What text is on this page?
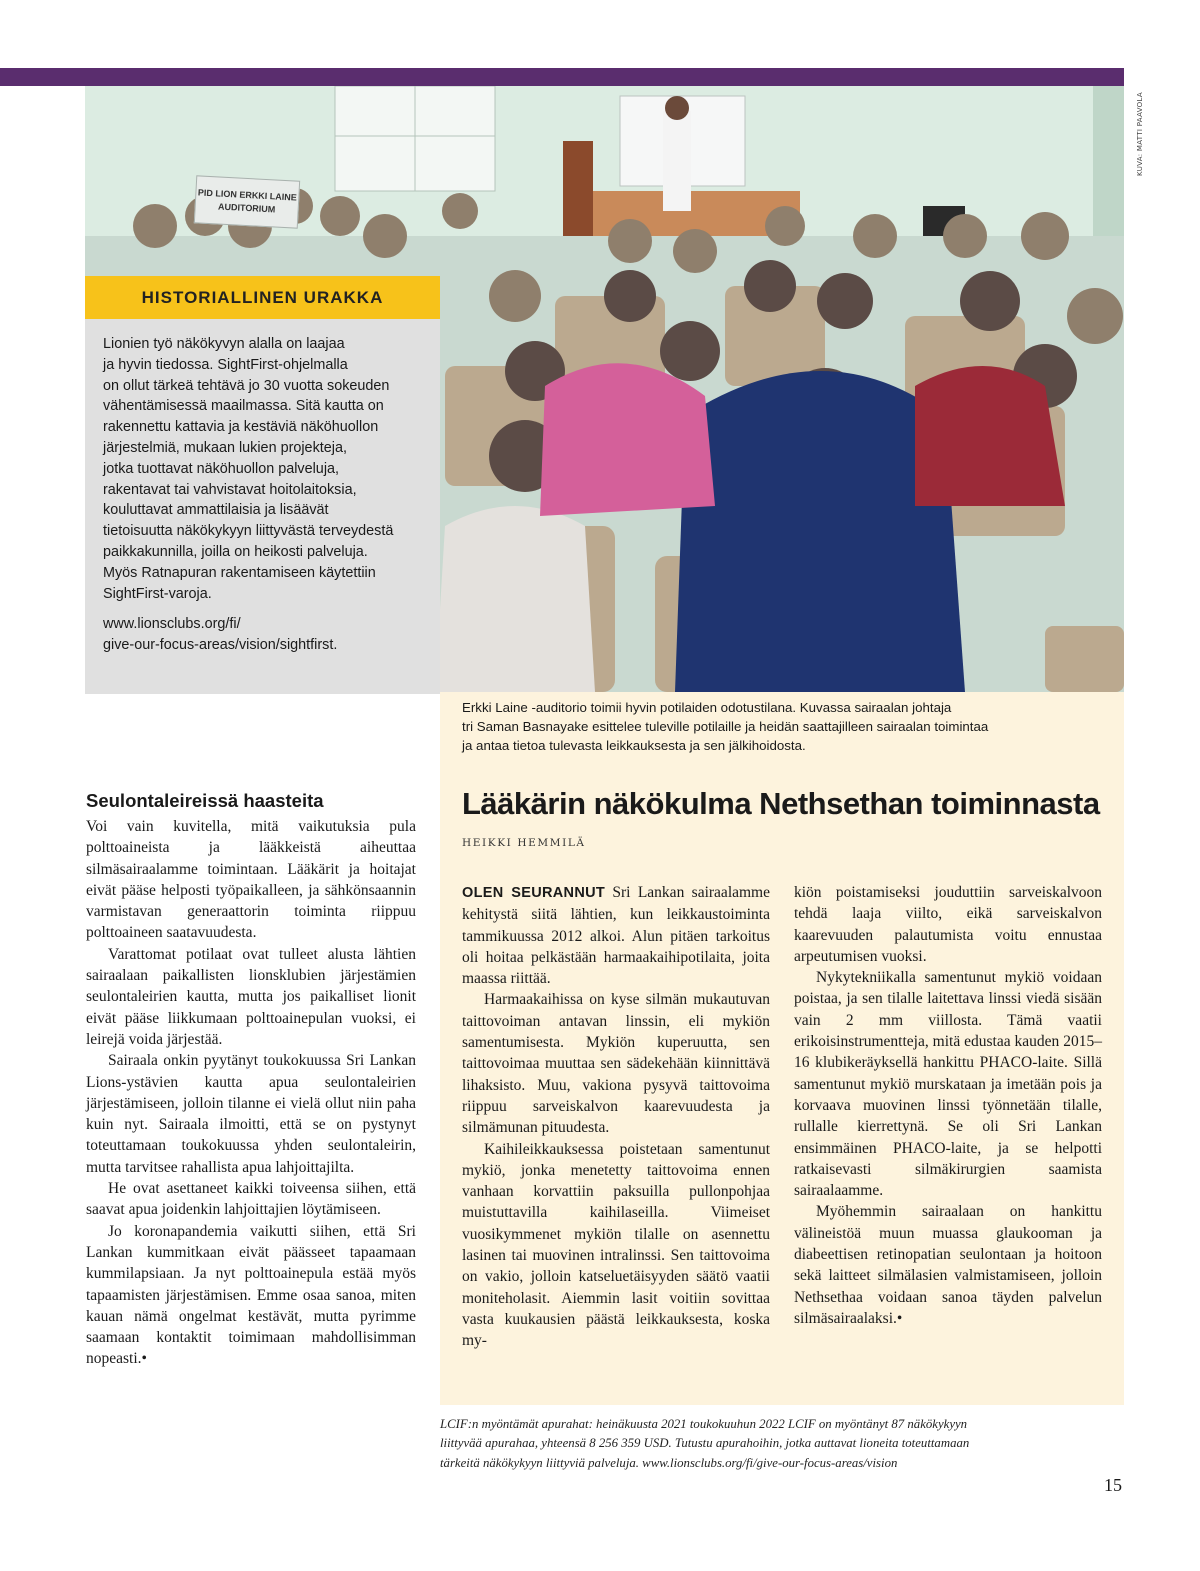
KUVA: MATTI PAAVOLA
PID LION ERKKI LAINE
AUDITORIUM
HISTORIALLINEN URAKKA

Lionien työ näkökyvyn alalla on laajaa
ja hyvin tiedossa. SightFirst-ohjelmalla
on ollut tärkeä tehtävä jo 30 vuotta sokeuden
vähentämisessä maailmassa. Sitä kautta on
rakennettu kattavia ja kestäviä näköhuollon
järjestelmiä, mukaan lukien projekteja,
jotka tuottavat näköhuollon palveluja,
rakentavat tai vahvistavat hoitolaitoksia,
kouluttavat ammattilaisia ja lisäävät
tietoisuutta näkökykyyn liittyvästä terveydestä
paikkakunnilla, joilla on heikosti palveluja.
Myös Ratnapuran rakentamiseen käytettiin
SightFirst-varoja.

www.lionsclubs.org/fi/
give-our-focus-areas/vision/sightfirst.

Erkki Laine -auditorio toimii hyvin potilaiden odotustilana. Kuvassa sairaalan johtaja
tri Saman Basnayake esittelee tuleville potilaille ja heidän saattajilleen sairaalan toimintaa
ja antaa tietoa tulevasta leikkauksesta ja sen jälkihoidosta.
Seulontaleireissä haasteita

Voi vain kuvitella, mitä vaikutuksia pula polttoaineista ja lääkkeistä aiheuttaa silmäsairaalamme toimintaan. Lääkärit ja hoitajat eivät pääse helposti työpaikalleen, ja sähkönsaannin varmistavan generaattorin toiminta riippuu polttoaineen saatavuudesta.

Varattomat potilaat ovat tulleet alusta lähtien sairaalaan paikallisten lionsklubien järjestämien seulontaleirien kautta, mutta jos paikalliset lionit eivät pääse liikkumaan polttoainepulan vuoksi, ei leirejä voida järjestää.

Sairaala onkin pyytänyt toukokuussa Sri Lankan Lions-ystävien kautta apua seulontaleirien järjestämiseen, jolloin tilanne ei vielä ollut niin paha kuin nyt. Sairaala ilmoitti, että se on pystynyt toteuttamaan toukokuussa yhden seulontaleirin, mutta tarvitsee rahallista apua lahjoittajilta.

He ovat asettaneet kaikki toiveensa siihen, että saavat apua joidenkin lahjoittajien löytämiseen.

Jo koronapandemia vaikutti siihen, että Sri Lankan kummitkaan eivät päässeet tapaamaan kummilapsiaan. Ja nyt polttoainepula estää myös tapaamisten järjestämisen. Emme osaa sanoa, miten kauan nämä ongelmat kestävät, mutta pyrimme saamaan kontaktit toimimaan mahdollisimman nopeasti.•

Lääkärin näkökulma Nethsethan toiminnasta
HEIKKI HEMMILÄ

OLEN SEURANNUT Sri Lankan sairaalamme kehitystä siitä lähtien, kun leikkaustoiminta tammikuussa 2012 alkoi. Alun pitäen tarkoitus oli hoitaa pelkästään harmaakaihipotilaita, joita maassa riittää.

Harmaakaihissa on kyse silmän mukautuvan taittovoiman antavan linssin, eli mykiön samentumisesta. Mykiön kuperuutta, sen taittovoimaa muuttaa sen sädekehään kiinnittävä lihaksisto. Muu, vakiona pysyvä taittovoima riippuu sarveiskalvon kaarevuudesta ja silmämunan pituudesta.

Kaihileikkauksessa poistetaan samentunut mykiö, jonka menetetty taittovoima ennen vanhaan korvattiin paksuilla pullonpohjaa muistuttavilla kaihilaseilla. Viimeiset vuosikymmenet mykiön tilalle on asennettu lasinen tai muovinen intralinssi. Sen taittovoima on vakio, jolloin katseluetäisyyden säätö vaatii moniteholasit. Aiemmin lasit voitiin sovittaa vasta kuukausien päästä leikkauksesta, koska my-

kiön poistamiseksi jouduttiin sarveiskalvoon tehdä laaja viilto, eikä sarveiskalvon kaarevuuden palautumista voitu ennustaa arpeutumisen vuoksi.

Nykytekniikalla samentunut mykiö voidaan poistaa, ja sen tilalle laitettava linssi viedä sisään vain 2 mm viillosta. Tämä vaatii erikoisinstrumentteja, mitä edustaa kauden 2015–16 klubikeräyksellä hankittu PHACO-laite. Sillä samentunut mykiö murskataan ja imetään pois ja korvaava muovinen linssi työnnetään tilalle, rullalle kierrettynä. Se oli Sri Lankan ensimmäinen PHACO-laite, ja se helpotti ratkaisevasti silmäkirurgien saamista sairaalaamme.

Myöhemmin sairaalaan on hankittu välineistöä muun muassa glaukooman ja diabeettisen retinopatian seulontaan ja hoitoon sekä laitteet silmälasien valmistamiseen, jolloin Nethsethaa voidaan sanoa täyden palvelun silmäsairaalaksi.•

LCIF:n myöntämät apurahat: heinäkuusta 2021 toukokuuhun 2022 LCIF on myöntänyt 87 näkökykyyn
liittyvää apurahaa, yhteensä 8 256 359 USD. Tutustu apurahoihin, jotka auttavat lioneita toteuttamaan
tärkeitä näkökykyyn liittyviä palveluja. www.lionsclubs.org/fi/give-our-focus-areas/vision
15
